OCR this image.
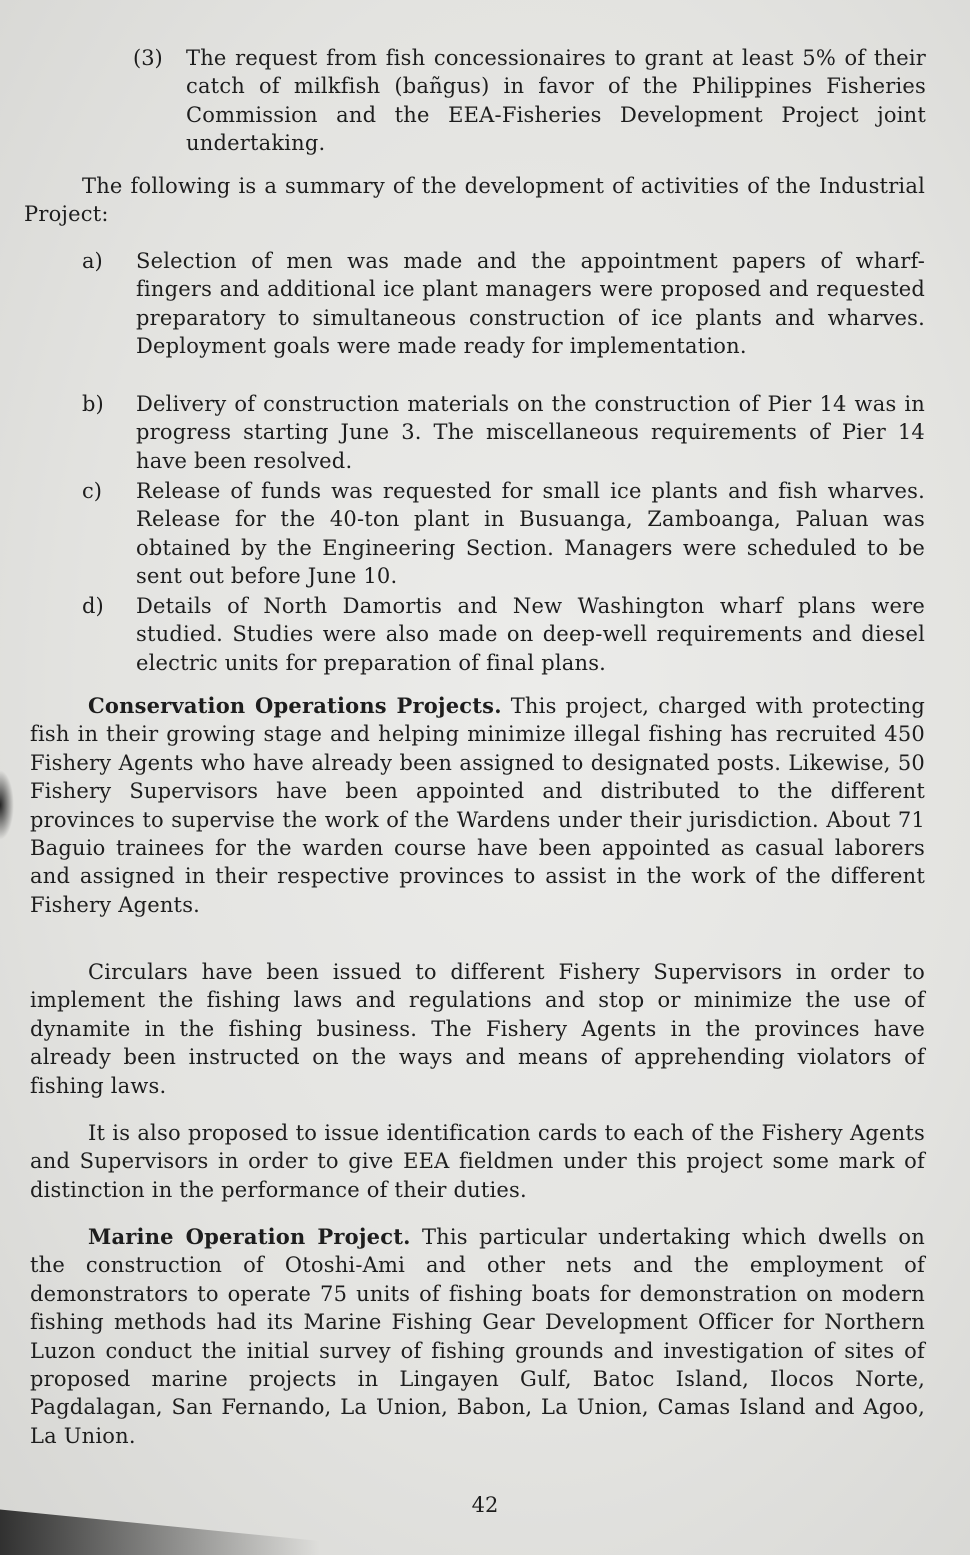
(3) The request from fish concessionaires to grant at least 5% of their catch of milkfish (bañgus) in favor of the Philippines Fisheries Commission and the EEA-Fisheries Development Project joint undertaking.

The following is a summary of the development of activities of the Industrial Project:

a) Selection of men was made and the appointment papers of wharf-fingers and additional ice plant managers were proposed and requested preparatory to simultaneous construction of ice plants and wharves. Deployment goals were made ready for implementation.

b) Delivery of construction materials on the construction of Pier 14 was in progress starting June 3. The miscellaneous requirements of Pier 14 have been resolved.

c) Release of funds was requested for small ice plants and fish wharves. Release for the 40-ton plant in Busuanga, Zamboanga, Paluan was obtained by the Engineering Section. Managers were scheduled to be sent out before June 10.

d) Details of North Damortis and New Washington wharf plans were studied. Studies were also made on deep-well requirements and diesel electric units for preparation of final plans.

Conservation Operations Projects. This project, charged with protecting fish in their growing stage and helping minimize illegal fishing has recruited 450 Fishery Agents who have already been assigned to designated posts. Likewise, 50 Fishery Supervisors have been appointed and distributed to the different provinces to supervise the work of the Wardens under their jurisdiction. About 71 Baguio trainees for the warden course have been appointed as casual laborers and assigned in their respective provinces to assist in the work of the different Fishery Agents.

Circulars have been issued to different Fishery Supervisors in order to implement the fishing laws and regulations and stop or minimize the use of dynamite in the fishing business. The Fishery Agents in the provinces have already been instructed on the ways and means of apprehending violators of fishing laws.

It is also proposed to issue identification cards to each of the Fishery Agents and Supervisors in order to give EEA fieldmen under this project some mark of distinction in the performance of their duties.

Marine Operation Project. This particular undertaking which dwells on the construction of Otoshi-Ami and other nets and the employment of demonstrators to operate 75 units of fishing boats for demonstration on modern fishing methods had its Marine Fishing Gear Development Officer for Northern Luzon conduct the initial survey of fishing grounds and investigation of sites of proposed marine projects in Lingayen Gulf, Batoc Island, Ilocos Norte, Pagdalagan, San Fernando, La Union, Babon, La Union, Camas Island and Agoo, La Union.

42
